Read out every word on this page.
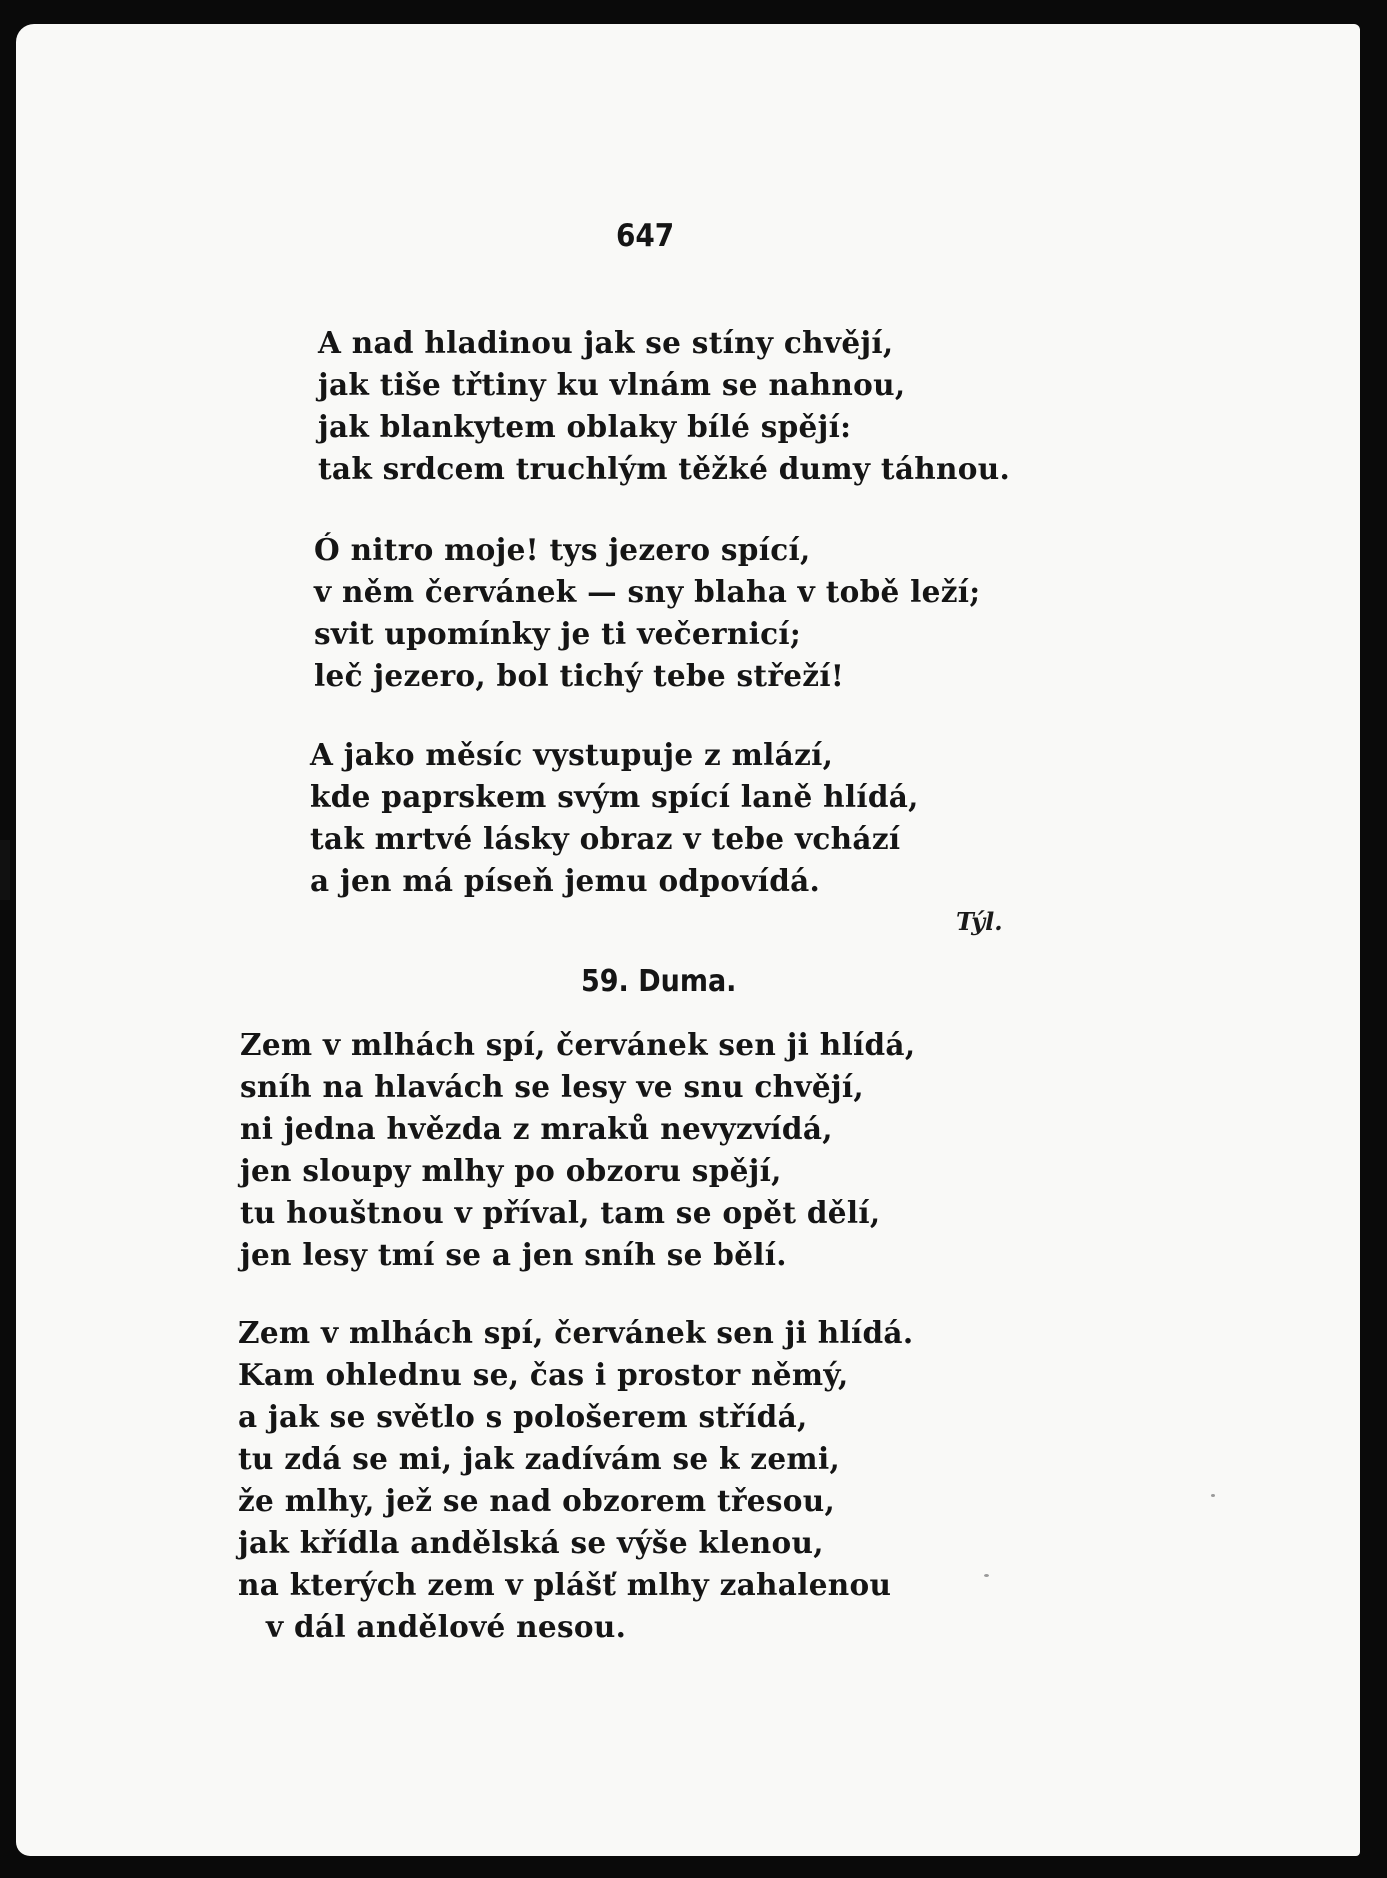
647
A nad hladinou jak se stíny chvějí,
jak tiše třtiny ku vlnám se nahnou,
jak blankytem oblaky bílé spějí:
tak srdcem truchlým těžké dumy táhnou.
Ó nitro moje! tys jezero spící,
v něm červánek — sny blaha v tobě leží;
svit upomínky je ti večernicí;
leč jezero, bol tichý tebe střeží!
A jako měsíc vystupuje z mlází,
kde paprskem svým spící laně hlídá,
tak mrtvé lásky obraz v tebe vchází
a jen má píseň jemu odpovídá.
Týl.
59. Duma.
Zem v mlhách spí, červánek sen ji hlídá,
sníh na hlavách se lesy ve snu chvějí,
ni jedna hvězda z mraků nevyzvídá,
jen sloupy mlhy po obzoru spějí,
tu houštnou v příval, tam se opět dělí,
jen lesy tmí se a jen sníh se bělí.
Zem v mlhách spí, červánek sen ji hlídá.
Kam ohlednu se, čas i prostor němý,
a jak se světlo s pološerem střídá,
tu zdá se mi, jak zadívám se k zemi,
že mlhy, jež se nad obzorem třesou,
jak křídla andělská se výše klenou,
na kterých zem v plášť mlhy zahalenou
v dál andělové nesou.
